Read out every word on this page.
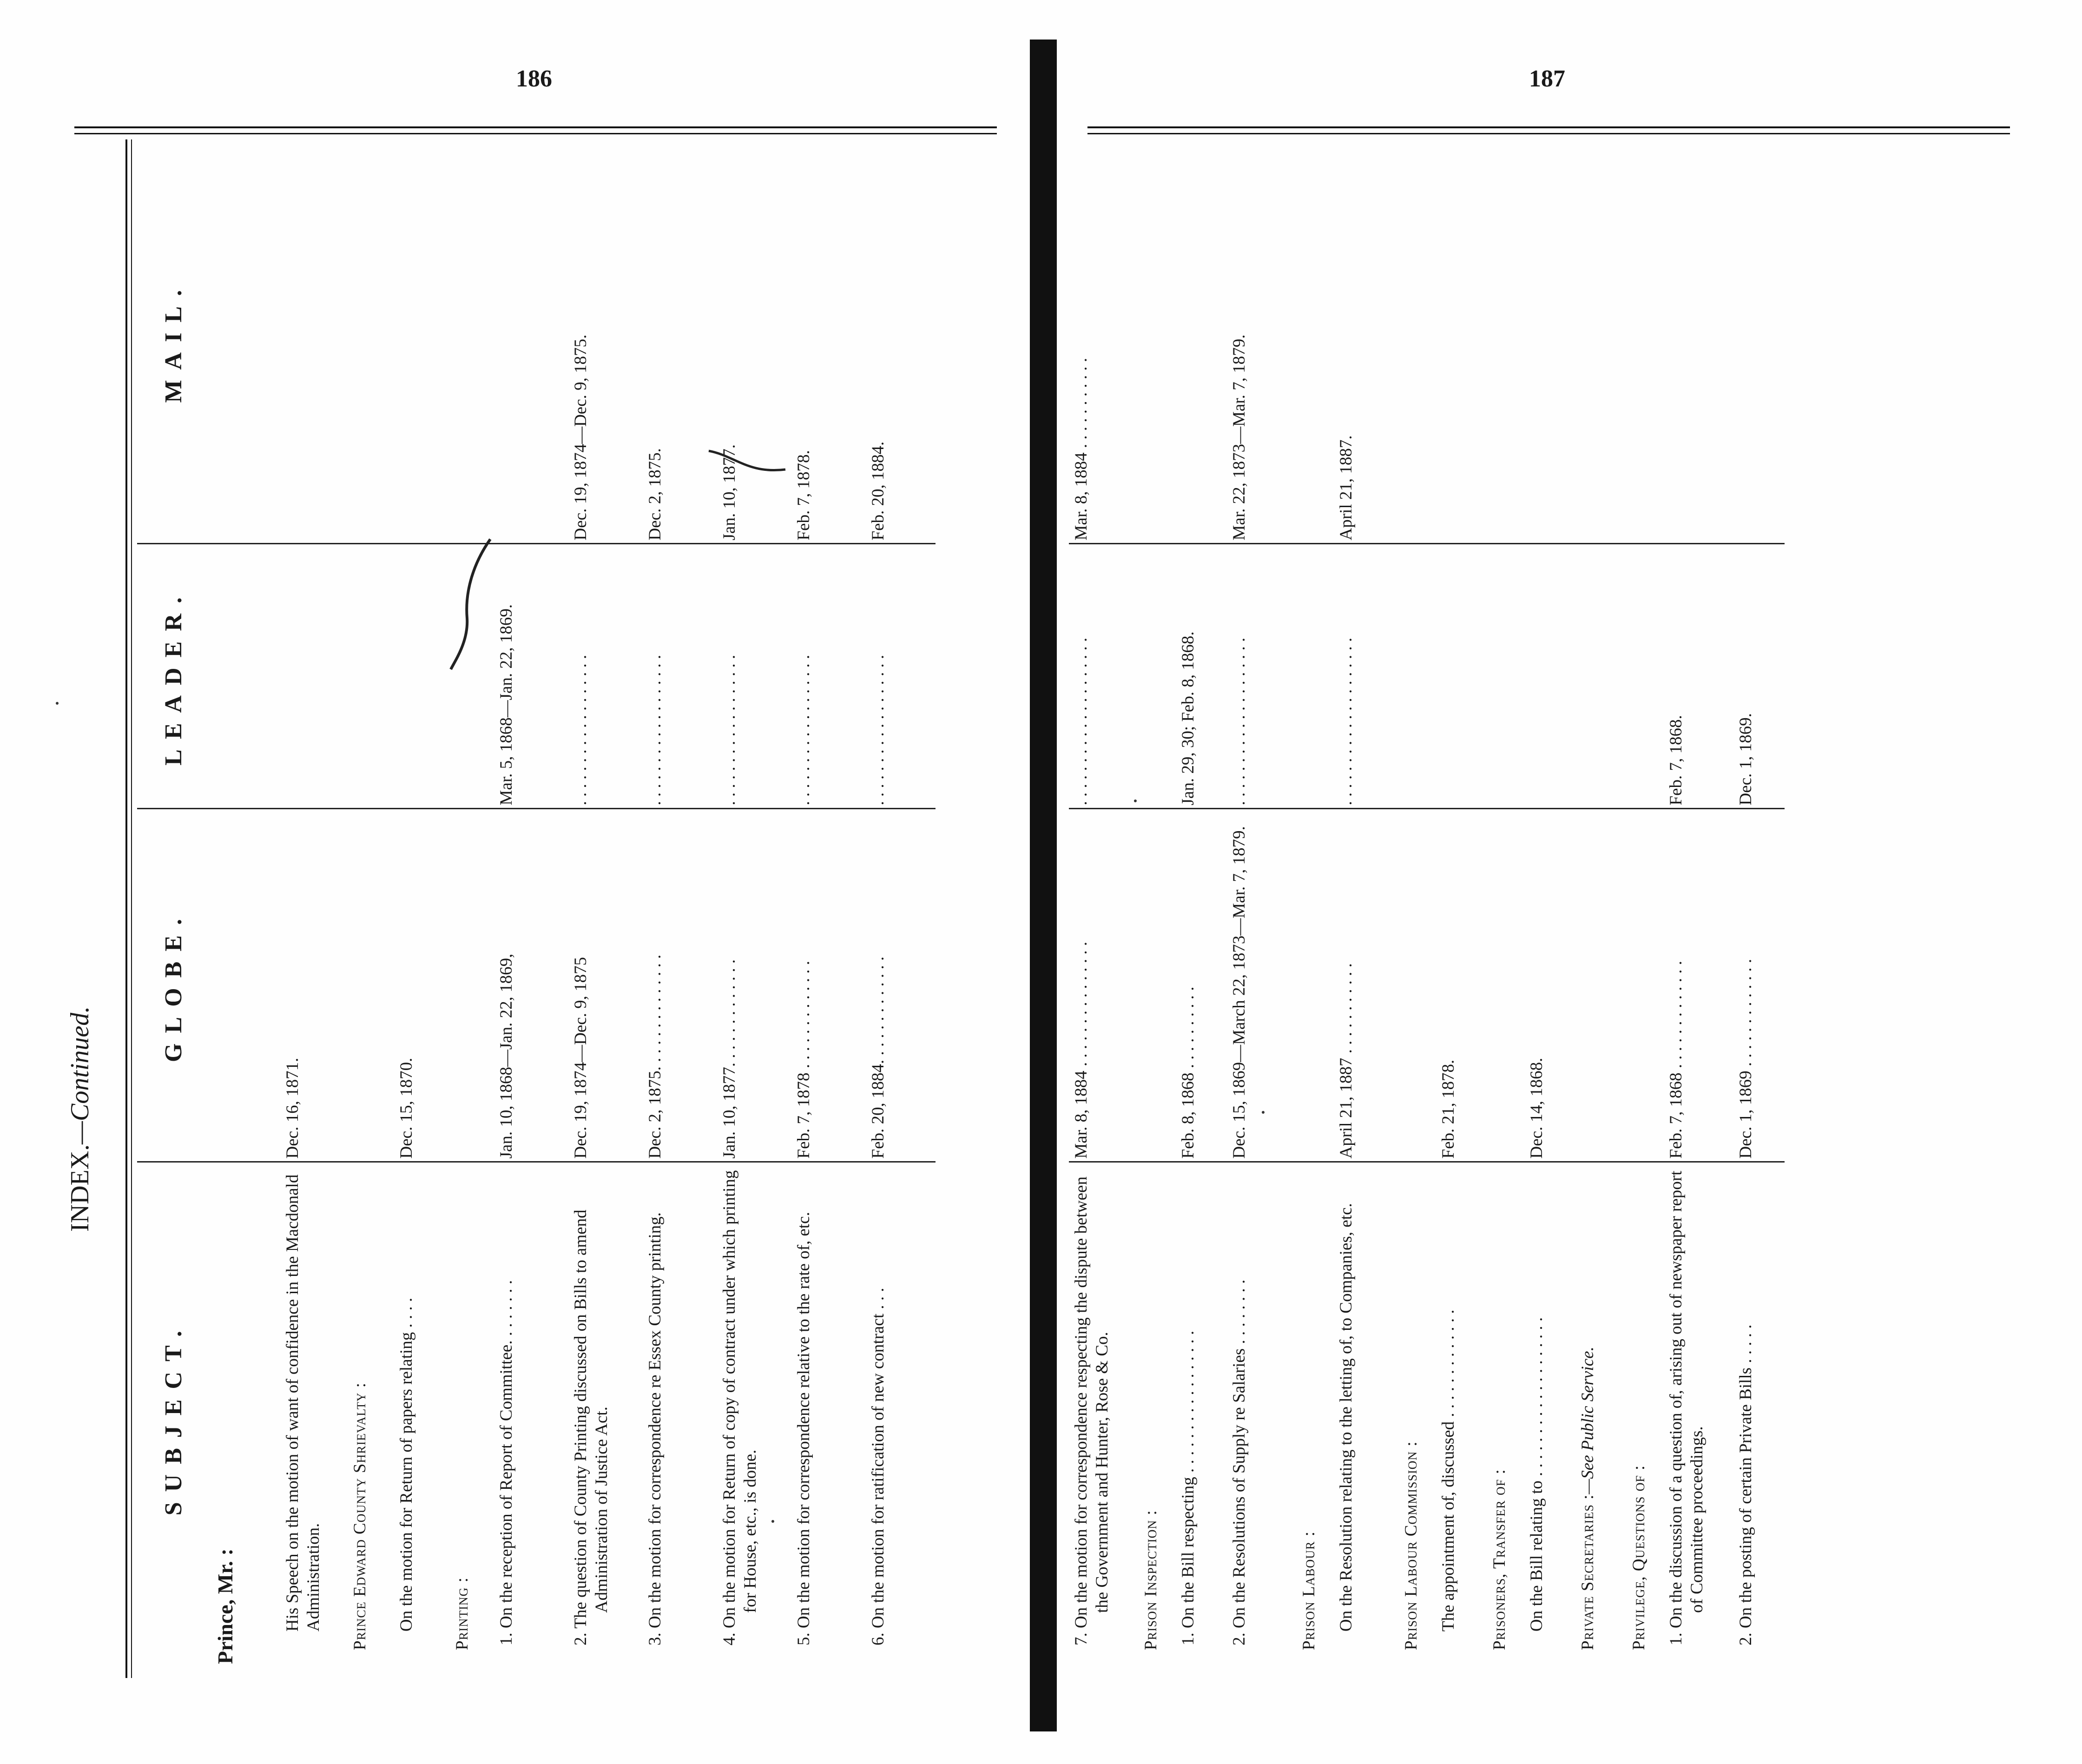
186	187
INDEX.—Continued.
SUBJECT.	GLOBE.	LEADER.	MAIL.
Prince, Mr. :			
His Speech on the motion of want of confidence in the Macdonald Administration.	Dec. 16, 1871.		
Prince Edward County Shrievalty :			
On the motion for Return of papers relating . . . .	Dec. 15, 1870.		
Printing :			
1. On the reception of Report of Committee. . . . . . . .	Jan. 10, 1868—Jan. 22, 1869,	Mar. 5, 1868—Jan. 22, 1869.	
2. The question of County Printing discussed on Bills to amend Administration of Justice Act.	Dec. 19, 1874—Dec. 9, 1875	. . . . . . . . . . . . . . . . . .	Dec. 19, 1874—Dec. 9, 1875.
3. On the motion for correspondence re Essex County printing.	Dec. 2, 1875. . . . . . . . . . . . . .	. . . . . . . . . . . . . . . . . .	Dec. 2, 1875.
4. On the motion for Return of copy of contract under which printing for House, etc., is done.	Jan. 10, 1877. . . . . . . . . . . . .	. . . . . . . . . . . . . . . . . .	Jan. 10, 1877.
5. On the motion for correspondence relative to the rate of, etc.	Feb. 7, 1878 . . . . . . . . . . . . .	. . . . . . . . . . . . . . . . . .	Feb. 7, 1878.
6. On the motion for ratification of new contract . . .	Feb. 20, 1884. . . . . . . . . . . . .	. . . . . . . . . . . . . . . . . .	Feb. 20, 1884.
7. On the motion for correspondence respecting the dispute between the Government and Hunter, Rose & Co.	Mar. 8, 1884 . . . . . . . . . . . . . . .	. . . . . . . . . . . . . . . . . . . .	Mar. 8, 1884 . . . . . . . . . . .
Prison Inspection :			
1. On the Bill respecting . . . . . . . . . . . . . . . . .	Feb. 8, 1868 . . . . . . . . . .	Jan. 29, 30; Feb. 8, 1868.	
2. On the Resolutions of Supply re Salaries . . . . . . . .	Dec. 15, 1869—March 22, 1873—Mar. 7, 1879.	. . . . . . . . . . . . . . . . . . . .	Mar. 22, 1873—Mar. 7, 1879.
Prison Labour :			
On the Resolution relating to the letting of, to Companies, etc.	April 21, 1887 . . . . . . . . . . .	. . . . . . . . . . . . . . . . . . . .	April 21, 1887.
Prison Labour Commission :			
The appointment of, discussed . . . . . . . . . . . . .	Feb. 21, 1878.		
Prisoners, Transfer of :			
On the Bill relating to . . . . . . . . . . . . . . . . . . .	Dec. 14, 1868.		
Private Secretaries :—See Public Service.			
Privilege, Questions of :			
1. On the discussion of a question of, arising out of newspaper report of Committee proceedings.	Feb. 7, 1868 . . . . . . . . . . . . .	Feb. 7, 1868.	
2. On the posting of certain Private Bills . . . . .	Dec. 1, 1869 . . . . . . . . . . . . .	Dec. 1, 1869.	
